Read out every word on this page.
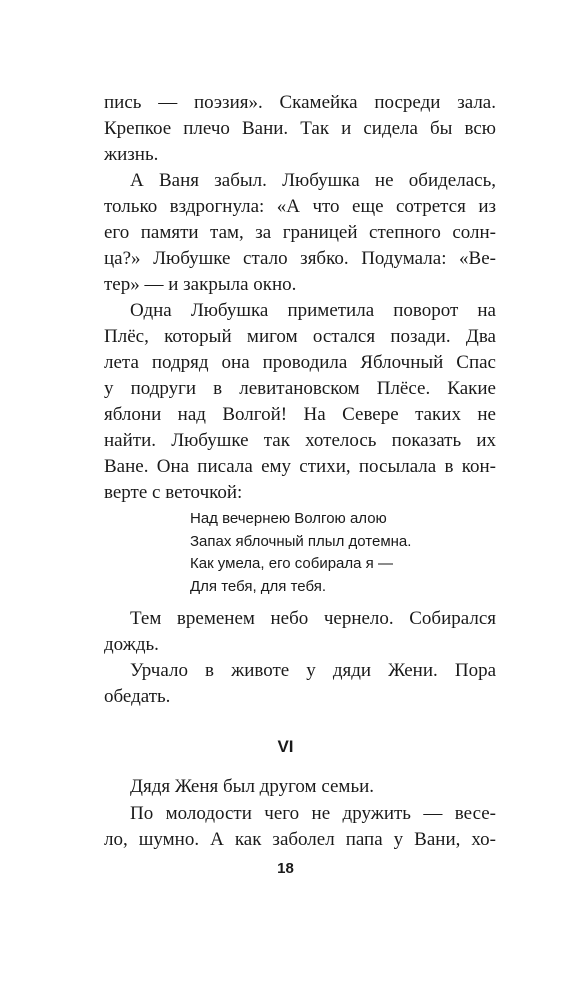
пись — поэзия». Скамейка посреди зала.
Крепкое плечо Вани. Так и сидела бы всю
жизнь.

А Ваня забыл. Любушка не обиделась,
только вздрогнула: «А что еще сотрется из
его памяти там, за границей степного солн-
ца?» Любушке стало зябко. Подумала: «Ве-
тер» — и закрыла окно.

Одна Любушка приметила поворот на
Плёс, который мигом остался позади. Два
лета подряд она проводила Яблочный Спас
у подруги в левитановском Плёсе. Какие
яблони над Волгой! На Севере таких не
найти. Любушке так хотелось показать их
Ване. Она писала ему стихи, посылала в кон-
верте с веточкой:

Над вечернею Волгою алою
Запах яблочный плыл дотемна.
Как умела, его собирала я —
Для тебя, для тебя.

Тем временем небо чернело. Собирался
дождь.

Урчало в животе у дяди Жени. Пора
обедать.

VI

Дядя Женя был другом семьи.

По молодости чего не дружить — весе-
ло, шумно. А как заболел папа у Вани, хо-

18
